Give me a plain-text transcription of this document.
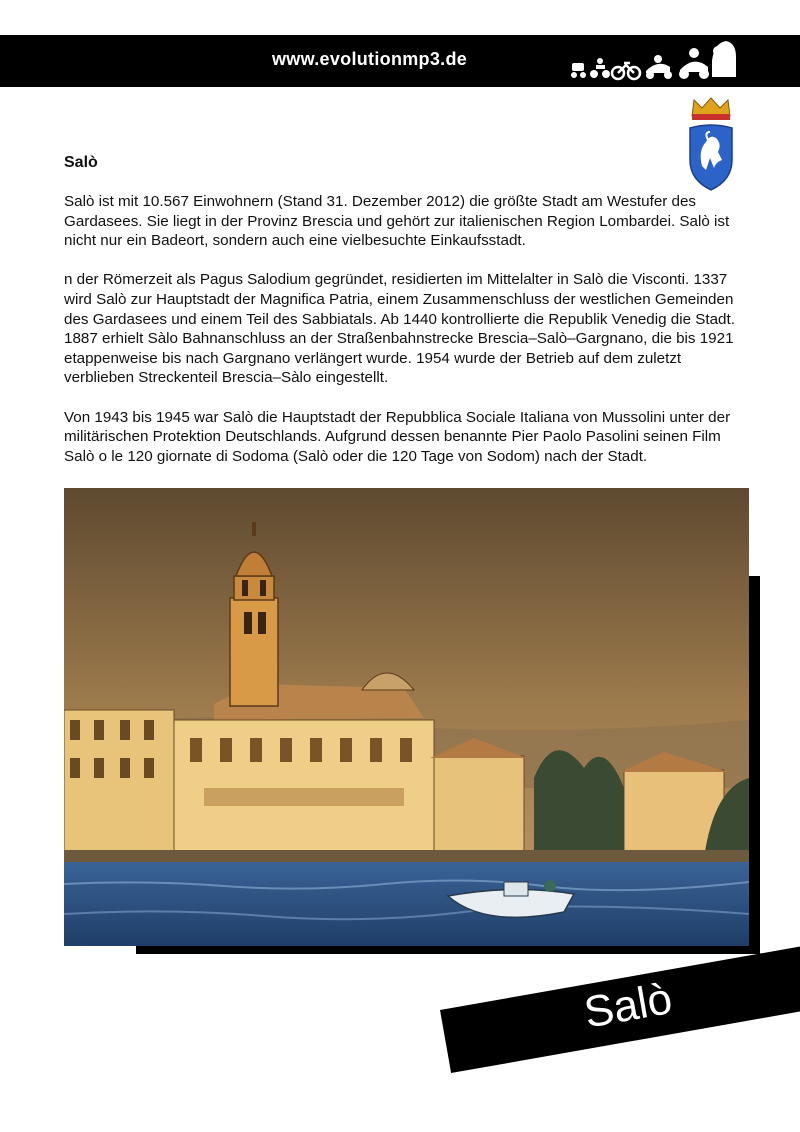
www.evolutionmp3.de
Salò

Salò ist mit 10.567 Einwohnern (Stand 31. Dezember 2012) die größte Stadt am Westufer des Gardasees. Sie liegt in der Provinz Brescia und gehört zur italienischen Region Lombardei. Salò ist nicht nur ein Badeort, sondern auch eine vielbesuchte Einkaufsstadt.

n der Römerzeit als Pagus Salodium gegründet, residierten im Mittelalter in Salò die Visconti. 1337 wird Salò zur Hauptstadt der Magnifica Patria, einem Zusammenschluss der westlichen Gemeinden des Gardasees und einem Teil des Sabbiatals. Ab 1440 kontrollierte die Republik Venedig die Stadt.
1887 erhielt Sàlo Bahnanschluss an der Straßenbahnstrecke Brescia–Salò–Gargnano, die bis 1921 etappenweise bis nach Gargnano verlängert wurde. 1954 wurde der Betrieb auf dem zuletzt verblieben Streckenteil Brescia–Sàlo eingestellt.

Von 1943 bis 1945 war Salò die Hauptstadt der Repubblica Sociale Italiana von Mussolini unter der militärischen Protektion Deutschlands. Aufgrund dessen benannte Pier Paolo Pasolini seinen Film Salò o le 120 giornate di Sodoma (Salò oder die 120 Tage von Sodom) nach der Stadt.

Salò
